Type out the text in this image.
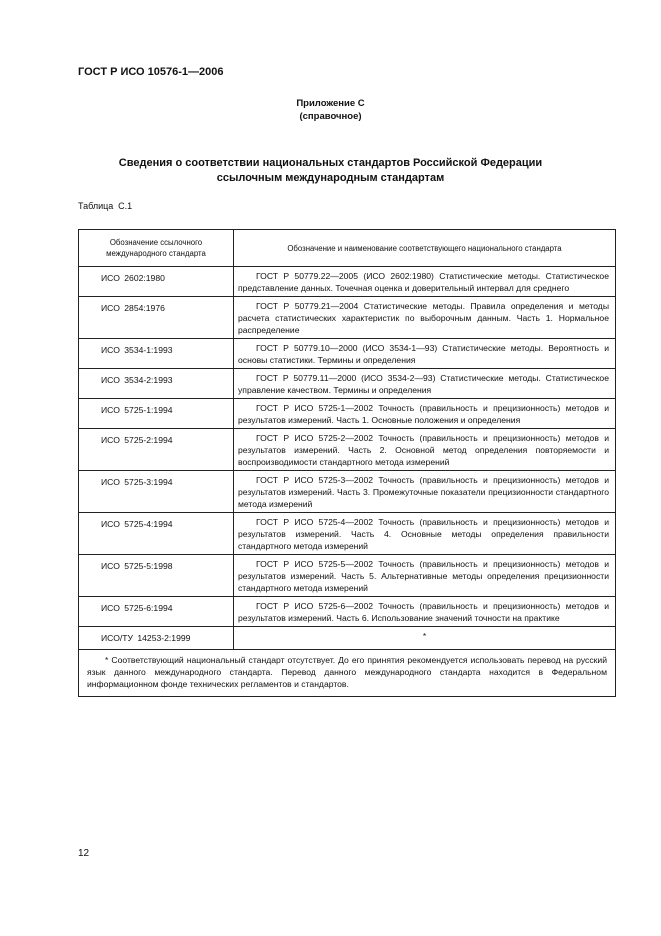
ГОСТ Р ИСО 10576-1—2006
Приложение С
(справочное)
Сведения о соответствии национальных стандартов Российской Федерации ссылочным международным стандартам
Таблица С.1
Обозначение ссылочного международного стандарта	Обозначение и наименование соответствующего национального стандарта
ИСО 2602:1980	ГОСТ Р 50779.22—2005 (ИСО 2602:1980) Статистические методы. Статистическое представление данных. Точечная оценка и доверительный интервал для среднего
ИСО 2854:1976	ГОСТ Р 50779.21—2004 Статистические методы. Правила определения и методы расчета статистических характеристик по выборочным данным. Часть 1. Нормальное распределение
ИСО 3534-1:1993	ГОСТ Р 50779.10—2000 (ИСО 3534-1—93) Статистические методы. Вероятность и основы статистики. Термины и определения
ИСО 3534-2:1993	ГОСТ Р 50779.11—2000 (ИСО 3534-2—93) Статистические методы. Статистическое управление качеством. Термины и определения
ИСО 5725-1:1994	ГОСТ Р ИСО 5725-1—2002 Точность (правильность и прецизионность) методов и результатов измерений. Часть 1. Основные положения и определения
ИСО 5725-2:1994	ГОСТ Р ИСО 5725-2—2002 Точность (правильность и прецизионность) методов и результатов измерений. Часть 2. Основной метод определения повторяемости и воспроизводимости стандартного метода измерений
ИСО 5725-3:1994	ГОСТ Р ИСО 5725-3—2002 Точность (правильность и прецизионность) методов и результатов измерений. Часть 3. Промежуточные показатели прецизионности стандартного метода измерений
ИСО 5725-4:1994	ГОСТ Р ИСО 5725-4—2002 Точность (правильность и прецизионность) методов и результатов измерений. Часть 4. Основные методы определения правильности стандартного метода измерений
ИСО 5725-5:1998	ГОСТ Р ИСО 5725-5—2002 Точность (правильность и прецизионность) методов и результатов измерений. Часть 5. Альтернативные методы определения прецизионности стандартного метода измерений
ИСО 5725-6:1994	ГОСТ Р ИСО 5725-6—2002 Точность (правильность и прецизионность) методов и результатов измерений. Часть 6. Использование значений точности на практике
ИСО/ТУ 14253-2:1999	*
* Соответствующий национальный стандарт отсутствует. До его принятия рекомендуется использовать перевод на русский язык данного международного стандарта. Перевод данного международного стандарта находится в Федеральном информационном фонде технических регламентов и стандартов.	
12
